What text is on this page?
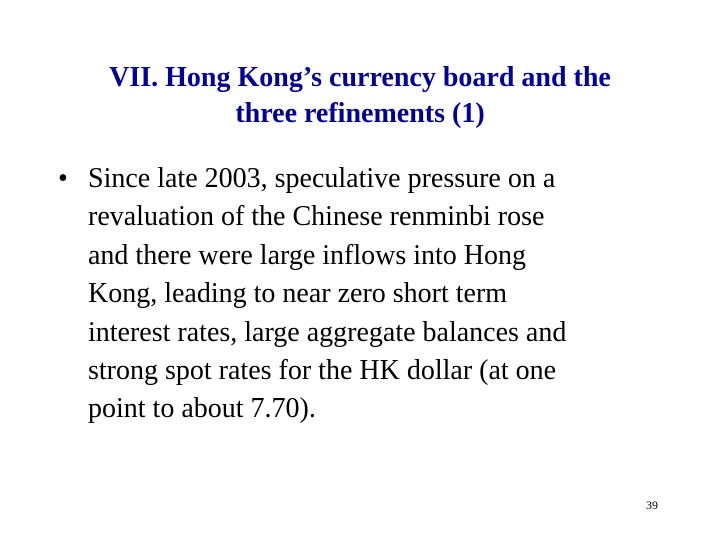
VII. Hong Kong’s currency board and the
three refinements (1)
• Since late 2003, speculative pressure on a
revaluation of the Chinese renminbi rose
and there were large inflows into Hong
Kong, leading to near zero short term
interest rates, large aggregate balances and
strong spot rates for the HK dollar (at one
point to about 7.70).
39
